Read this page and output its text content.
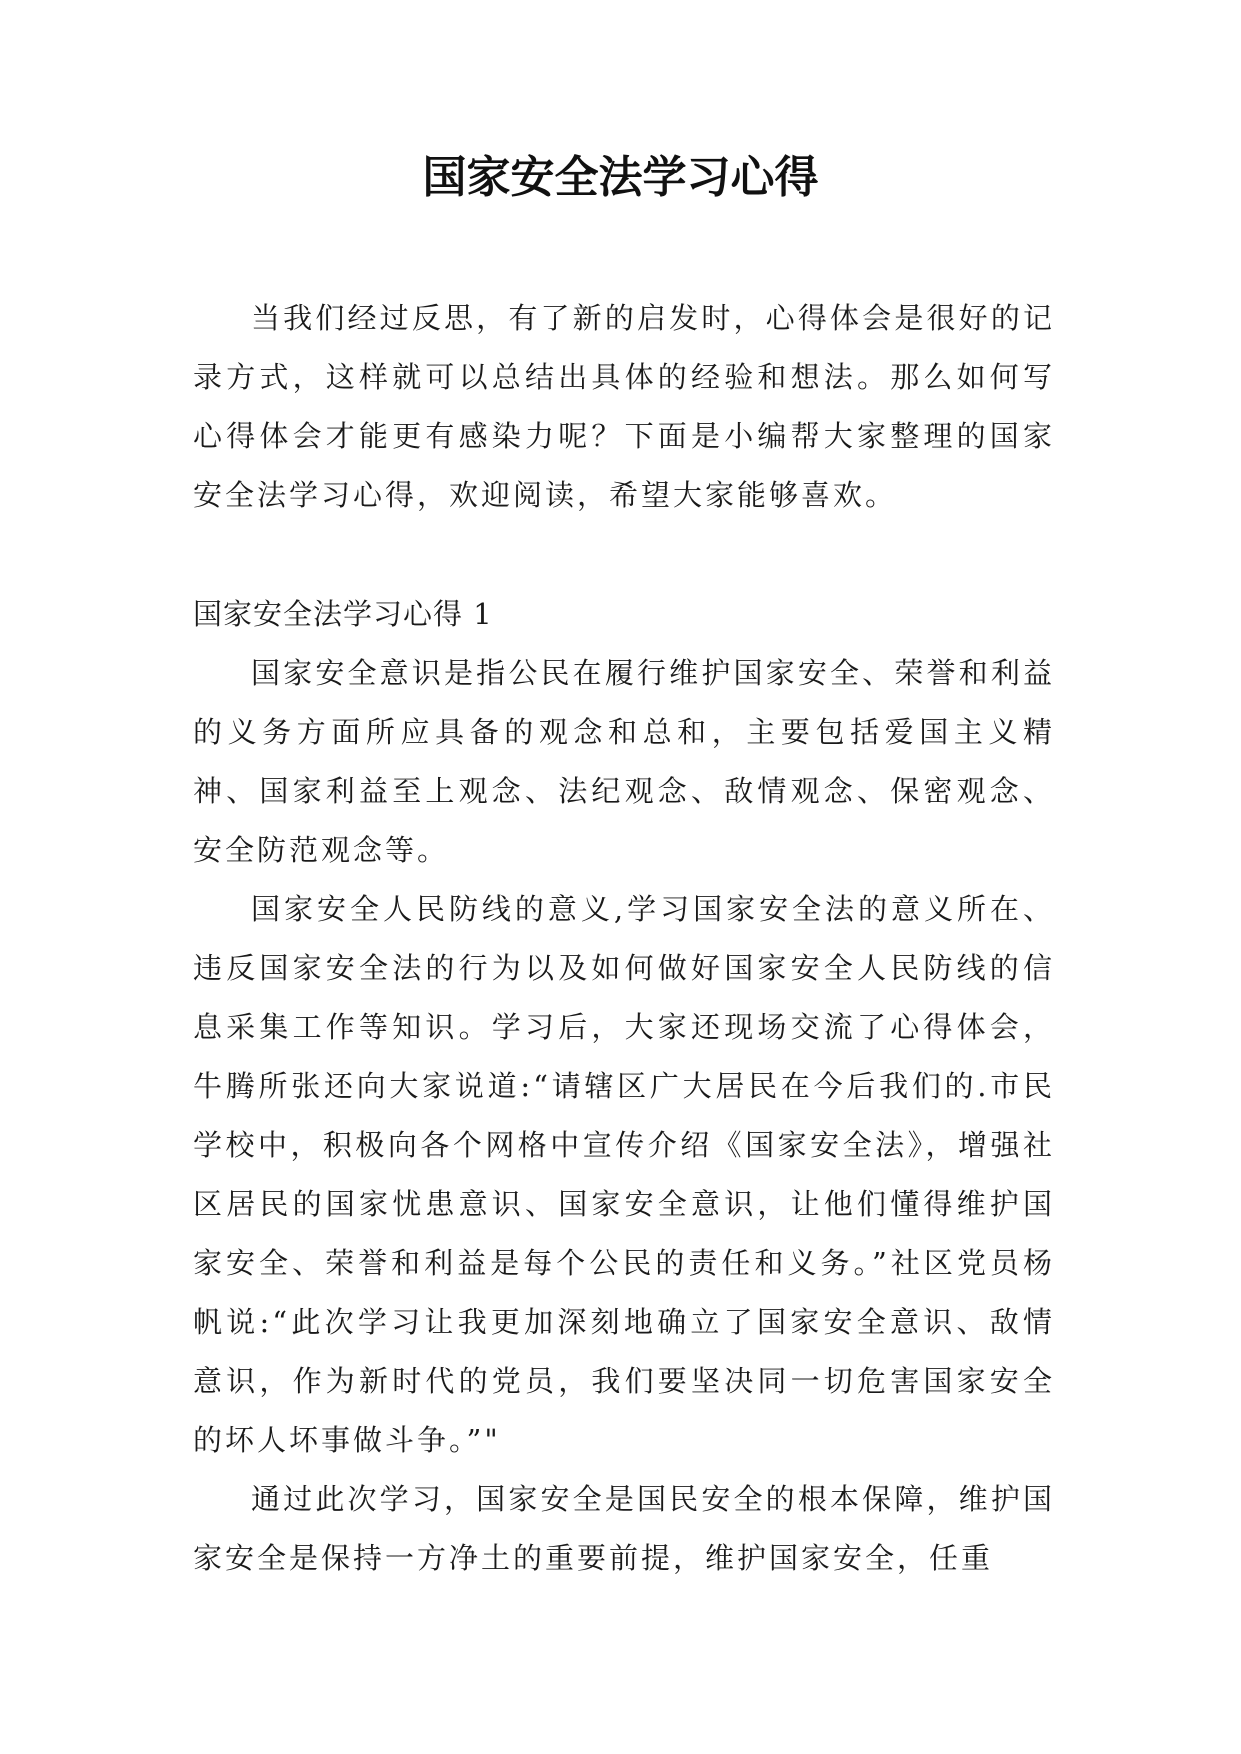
国家安全法学习心得

当我们经过反思，有了新的启发时，心得体会是很好的记录方式，这样就可以总结出具体的经验和想法。那么如何写心得体会才能更有感染力呢？下面是小编帮大家整理的国家安全法学习心得，欢迎阅读，希望大家能够喜欢。

国家安全法学习心得 1

国家安全意识是指公民在履行维护国家安全、荣誉和利益的义务方面所应具备的观念和总和，主要包括爱国主义精神、国家利益至上观念、法纪观念、敌情观念、保密观念、安全防范观念等。

国家安全人民防线的意义,学习国家安全法的意义所在、违反国家安全法的行为以及如何做好国家安全人民防线的信息采集工作等知识。学习后，大家还现场交流了心得体会，牛腾所张还向大家说道:“请辖区广大居民在今后我们的.市民学校中，积极向各个网格中宣传介绍《国家安全法》，增强社区居民的国家忧患意识、国家安全意识，让他们懂得维护国家安全、荣誉和利益是每个公民的责任和义务。”社区党员杨帆说:“此次学习让我更加深刻地确立了国家安全意识、敌情意识，作为新时代的党员，我们要坚决同一切危害国家安全的坏人坏事做斗争。”"

通过此次学习，国家安全是国民安全的根本保障，维护国家安全是保持一方净土的重要前提，维护国家安全，任重
